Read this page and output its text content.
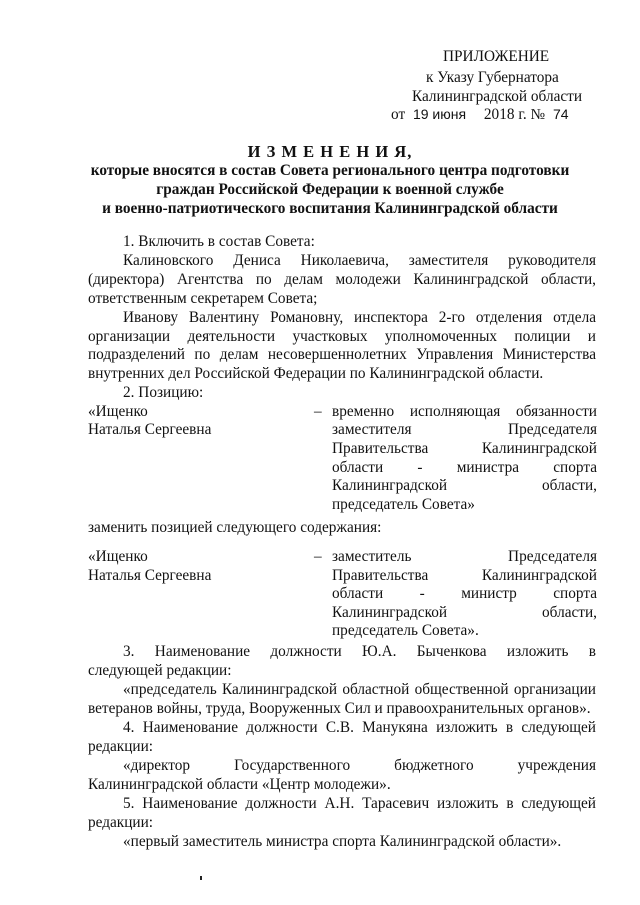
ПРИЛОЖЕНИЕ
к Указу Губернатора
Калининградской области
от 19 июня 2018 г. № 74
И З М Е Н Е Н И Я,
которые вносятся в состав Совета регионального центра подготовки
граждан Российской Федерации к военной службе
и военно-патриотического воспитания Калининградской области
1. Включить в состав Совета:
Калиновского Дениса Николаевича, заместителя руководителя
(директора) Агентства по делам молодежи Калининградской области,
ответственным секретарем Совета;
Иванову Валентину Романовну, инспектора 2-го отделения отдела
организации деятельности участковых уполномоченных полиции и
подразделений по делам несовершеннолетних Управления Министерства
внутренних дел Российской Федерации по Калининградской области.
2. Позицию:
«Ищенко
Наталья Сергеевна
– временно исполняющая обязанности
заместителя Председателя
Правительства Калининградской
области - министра спорта
Калининградской области,
председатель Совета»
заменить позицией следующего содержания:
«Ищенко
Наталья Сергеевна
– заместитель Председателя
Правительства Калининградской
области - министр спорта
Калининградской области,
председатель Совета».
3. Наименование должности Ю.А. Быченкова изложить в
следующей редакции:
«председатель Калининградской областной общественной организации
ветеранов войны, труда, Вооруженных Сил и правоохранительных органов».
4. Наименование должности С.В. Манукяна изложить в следующей
редакции:
«директор Государственного бюджетного учреждения
Калининградской области «Центр молодежи».
5. Наименование должности А.Н. Тарасевич изложить в следующей
редакции:
«первый заместитель министра спорта Калининградской области».
